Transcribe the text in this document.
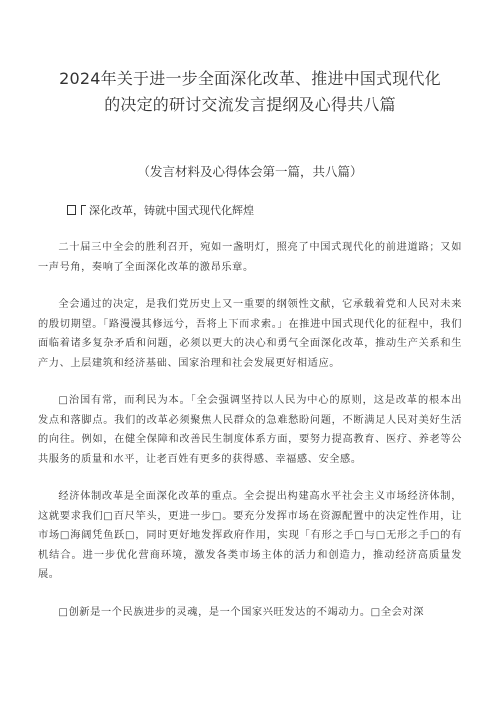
2024年关于进一步全面深化改革、推进中国式现代化
的决定的研讨交流发言提纲及心得共八篇
（发言材料及心得体会第一篇，共八篇）
深化改革，铸就中国式现代化辉煌

二十届三中全会的胜利召开，宛如一盏明灯，照亮了中国式现代化的前进道路；又如一声号角，奏响了全面深化改革的激昂乐章。

全会通过的决定，是我们党历史上又一重要的纲领性文献，它承载着党和人民对未来的殷切期望。「路漫漫其修远兮，吾将上下而求索。」在推进中国式现代化的征程中，我们面临着诸多复杂矛盾和问题，必须以更大的决心和勇气全面深化改革，推动生产关系和生产力、上层建筑和经济基础、国家治理和社会发展更好相适应。

□治国有常，而利民为本。「全会强调坚持以人民为中心的原则，这是改革的根本出发点和落脚点。我们的改革必须聚焦人民群众的急难愁盼问题，不断满足人民对美好生活的向往。例如，在健全保障和改善民生制度体系方面，要努力提高教育、医疗、养老等公共服务的质量和水平，让老百姓有更多的获得感、幸福感、安全感。

经济体制改革是全面深化改革的重点。全会提出构建高水平社会主义市场经济体制，这就要求我们□百尺竿头，更进一步□。要充分发挥市场在资源配置中的决定性作用，让市场□海阔凭鱼跃□，同时更好地发挥政府作用，实现「有形之手□与□无形之手□的有机结合。进一步优化营商环境，激发各类市场主体的活力和创造力，推动经济高质量发展。

□创新是一个民族进步的灵魂，是一个国家兴旺发达的不竭动力。□全会对深
